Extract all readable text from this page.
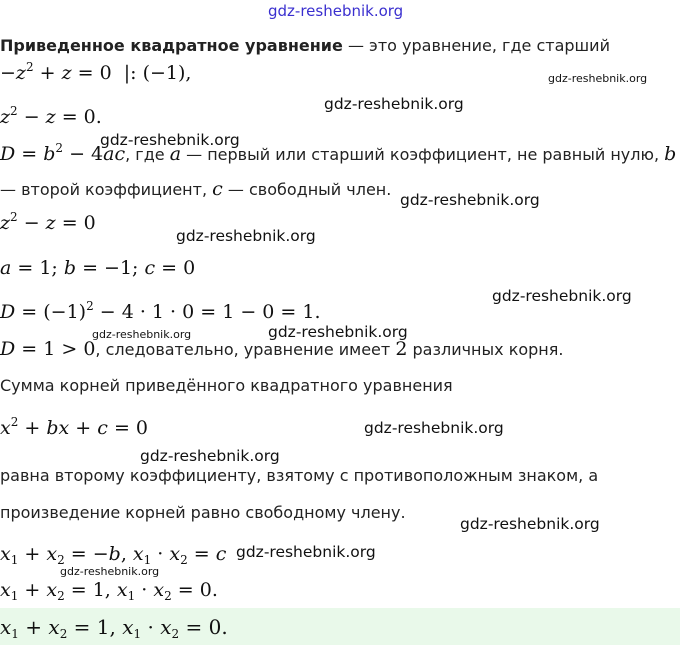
gdz-reshebnik.org
Приведенное квадратное уравнение — это уравнение, где старший
$-z^2 + z = 0$  |: (−1),	gdz-reshebnik.org
gdz-reshebnik.org
$z^2 - z = 0$.
gdz-reshebnik.org
$D = b^2 - 4ac$, где a — первый или старший коэффициент, не равный нулю, b
— второй коэффициент, c — свободный член.
gdz-reshebnik.org
$z^2 - z = 0$
gdz-reshebnik.org
a = 1; b = −1; c = 0
gdz-reshebnik.org
$D = (-1)^2 - 4 \cdot 1 \cdot 0 = 1 - 0 = 1$.
gdz-reshebnik.org	gdz-reshebnik.org
D = 1 > 0, следовательно, уравнение имеет 2 различных корня.
Сумма корней приведённого квадратного уравнения
$x^2$ + bx + c = 0	gdz-reshebnik.org
gdz-reshebnik.org
равна второму коэффициенту, взятому с противоположным знаком, а
произведение корней равно свободному члену.
gdz-reshebnik.org
$x_1 + x_2 = -b$, $x_1 \cdot x_2 = c$ gdz-reshebnik.org
gdz-reshebnik.org
$x_1 + x_2 = 1$, $x_1 \cdot x_2 = 0$.
$x_1 + x_2 = 1$, $x_1 \cdot x_2 = 0$.
